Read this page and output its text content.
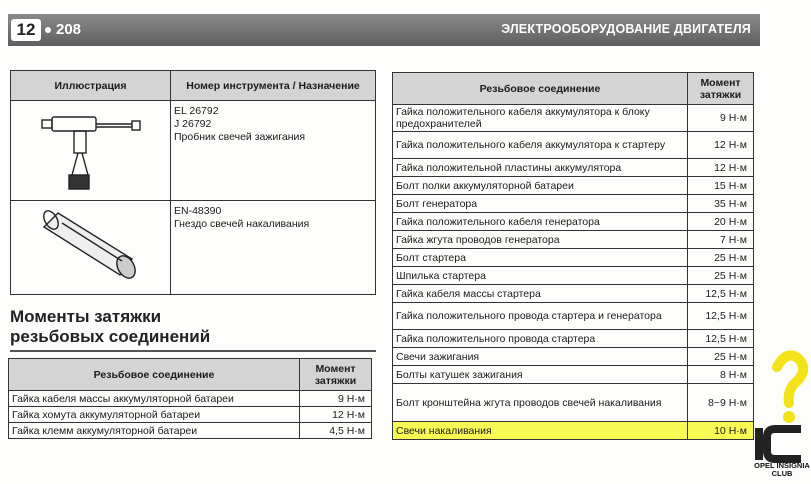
12	208	ЭЛЕКТРООБОРУДОВАНИЕ ДВИГАТЕЛЯ
Иллюстрация	Номер инструмента / Назначение

EL 26792
J 26792
Пробник свечей зажигания

EN-48390
Гнездо свечей накаливания
Моменты затяжки
резьбовых соединений
Резьбовое соединение	Момент затяжки
Гайка кабеля массы аккумуляторной батареи	9 Н·м
Гайка хомута аккумуляторной батареи	12 Н·м
Гайка клемм аккумуляторной батареи	4,5 Н·м
Резьбовое соединение	Момент затяжки
Гайка положительного кабеля аккумулятора к блоку предохранителей	9 Н·м
Гайка положительного кабеля аккумулятора к стартеру	12 Н·м
Гайка положительной пластины аккумулятора	12 Н·м
Болт полки аккумуляторной батареи	15 Н·м
Болт генератора	35 Н·м
Гайка положительного кабеля генератора	20 Н·м
Гайка жгута проводов генератора	7 Н·м
Болт стартера	25 Н·м
Шпилька стартера	25 Н·м
Гайка кабеля массы стартера	12,5 Н·м
Гайка положительного провода стартера и генератора	12,5 Н·м
Гайка положительного провода стартера	12,5 Н·м
Свечи зажигания	25 Н·м
Болты катушек зажигания	8 Н·м
Болт кронштейна жгута проводов свечей накаливания	8~9 Н·м
Свечи накаливания	10 Н·м
OPEL INSIGNIA
CLUB
